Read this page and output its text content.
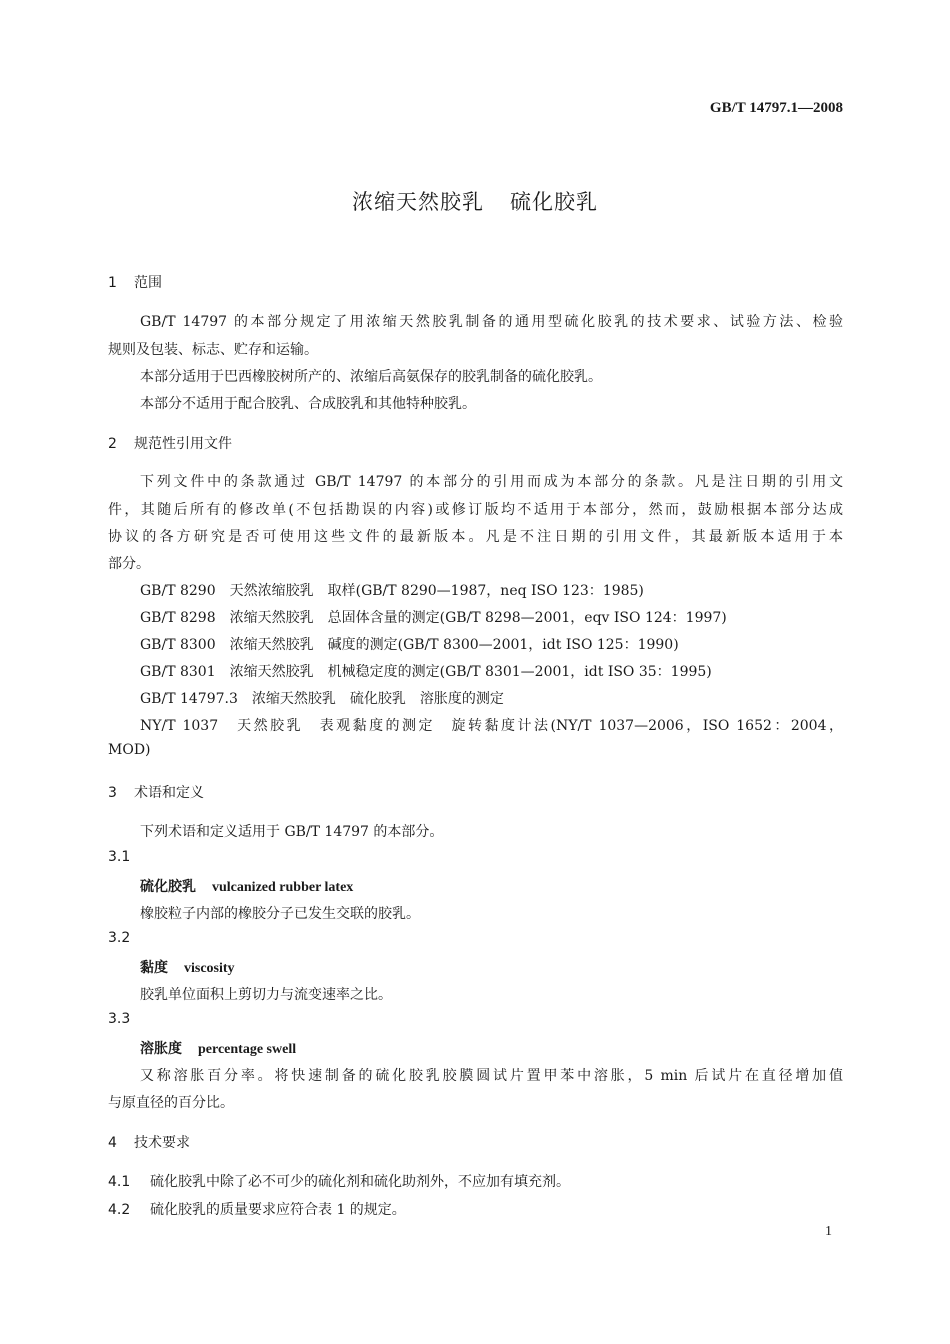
GB/T 14797.1—2008
浓缩天然胶乳 硫化胶乳
1 范围
GB/T 14797 的本部分规定了用浓缩天然胶乳制备的通用型硫化胶乳的技术要求、试验方法、检验
规则及包装、标志、贮存和运输。
本部分适用于巴西橡胶树所产的、浓缩后高氨保存的胶乳制备的硫化胶乳。
本部分不适用于配合胶乳、合成胶乳和其他特种胶乳。
2 规范性引用文件
下列文件中的条款通过 GB/T 14797 的本部分的引用而成为本部分的条款。凡是注日期的引用文
件，其随后所有的修改单(不包括勘误的内容)或修订版均不适用于本部分，然而，鼓励根据本部分达成
协议的各方研究是否可使用这些文件的最新版本。凡是不注日期的引用文件，其最新版本适用于本
部分。
GB/T 8290　天然浓缩胶乳　取样(GB/T 8290—1987，neq ISO 123：1985)
GB/T 8298　浓缩天然胶乳　总固体含量的测定(GB/T 8298—2001，eqv ISO 124：1997)
GB/T 8300　浓缩天然胶乳　碱度的测定(GB/T 8300—2001，idt ISO 125：1990)
GB/T 8301　浓缩天然胶乳　机械稳定度的测定(GB/T 8301—2001，idt ISO 35：1995)
GB/T 14797.3　浓缩天然胶乳　硫化胶乳　溶胀度的测定
NY/T 1037　天然胶乳　表观黏度的测定　旋转黏度计法(NY/T 1037—2006，ISO 1652：2004，
MOD)
3 术语和定义
下列术语和定义适用于 GB/T 14797 的本部分。
3.1
硫化胶乳 vulcanized rubber latex
橡胶粒子内部的橡胶分子已发生交联的胶乳。
3.2
黏度 viscosity
胶乳单位面积上剪切力与流变速率之比。
3.3
溶胀度 percentage swell
又称溶胀百分率。将快速制备的硫化胶乳胶膜圆试片置甲苯中溶胀，5 min 后试片在直径增加值
与原直径的百分比。
4 技术要求
4.1 硫化胶乳中除了必不可少的硫化剂和硫化助剂外，不应加有填充剂。
4.2 硫化胶乳的质量要求应符合表 1 的规定。
1
